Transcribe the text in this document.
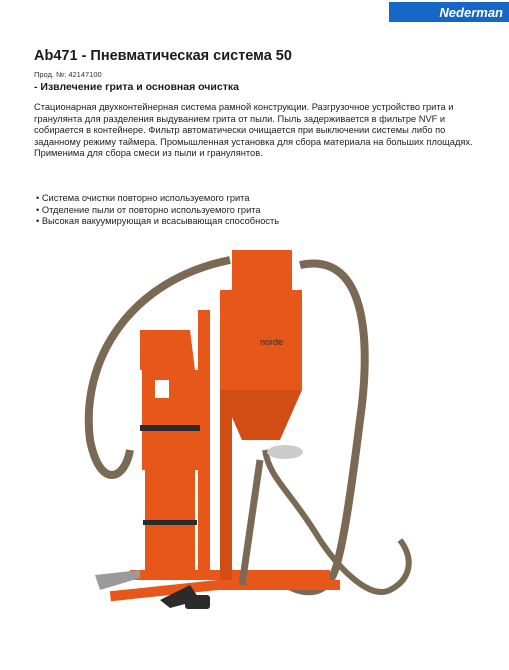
Nederman
Ab471 - Пневматическая система 50
Прод. №: 42147100
- Извлечение грита и основная очистка
Стационарная двухконтейнерная система рамной конструкции. Разгрузочное устройство грита и гранулянта для разделения выдуванием грита от пыли. Пыль задерживается в фильтре NVF и собирается в контейнере. Фильтр автоматически очищается при выключении системы либо по заданному режиму таймера. Промышленная установка для сбора материала на больших площадях. Применима для сбора смеси из пыли и гранулянтов.
• Система очистки повторно используемого грита
• Отделение пыли от повторно используемого грита
• Высокая вакуумирующая и всасывающая способность
norde
